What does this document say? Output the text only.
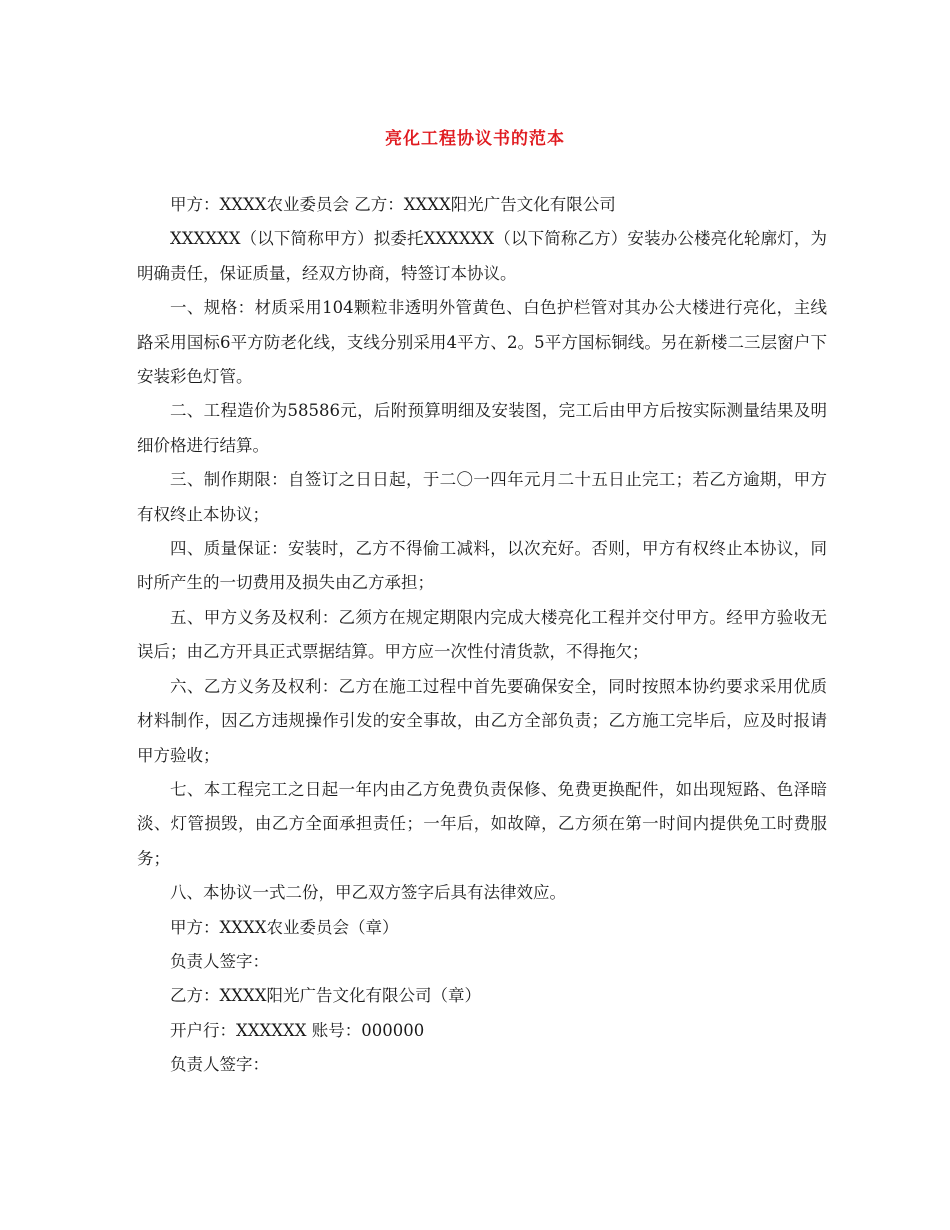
亮化工程协议书的范本

甲方：XXXX农业委员会 乙方：XXXX阳光广告文化有限公司

XXXXXX（以下简称甲方）拟委托XXXXXX（以下简称乙方）安装办公楼亮化轮廓灯，为明确责任，保证质量，经双方协商，特签订本协议。

一、规格：材质采用104颗粒非透明外管黄色、白色护栏管对其办公大楼进行亮化，主线路采用国标6平方防老化线，支线分别采用4平方、2。5平方国标铜线。另在新楼二三层窗户下安装彩色灯管。

二、工程造价为58586元，后附预算明细及安装图，完工后由甲方后按实际测量结果及明细价格进行结算。

三、制作期限：自签订之日日起，于二〇一四年元月二十五日止完工；若乙方逾期，甲方有权终止本协议；

四、质量保证：安装时，乙方不得偷工减料，以次充好。否则，甲方有权终止本协议，同时所产生的一切费用及损失由乙方承担；

五、甲方义务及权利：乙须方在规定期限内完成大楼亮化工程并交付甲方。经甲方验收无误后；由乙方开具正式票据结算。甲方应一次性付清货款，不得拖欠；

六、乙方义务及权利：乙方在施工过程中首先要确保安全，同时按照本协约要求采用优质材料制作，因乙方违规操作引发的安全事故，由乙方全部负责；乙方施工完毕后，应及时报请甲方验收；

七、本工程完工之日起一年内由乙方免费负责保修、免费更换配件，如出现短路、色泽暗淡、灯管损毁，由乙方全面承担责任；一年后，如故障，乙方须在第一时间内提供免工时费服务；

八、本协议一式二份，甲乙双方签字后具有法律效应。

甲方：XXXX农业委员会（章）

负责人签字：

乙方：XXXX阳光广告文化有限公司（章）

开户行：XXXXXX 账号：000000

负责人签字：
